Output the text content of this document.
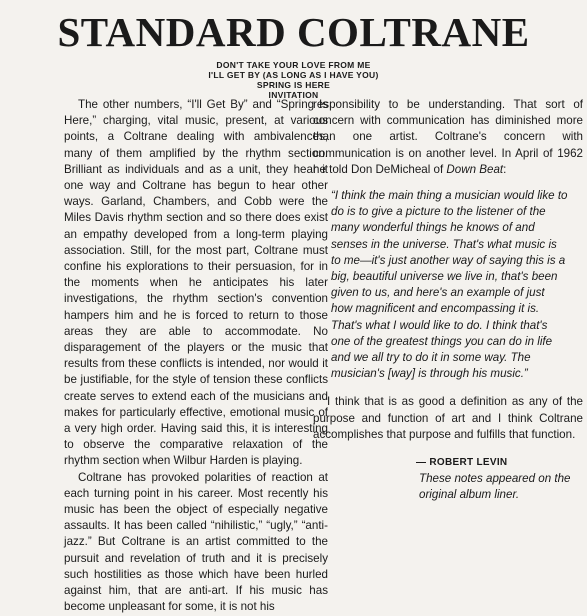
STANDARD COLTRANE
DON'T TAKE YOUR LOVE FROM ME
I'LL GET BY (AS LONG AS I HAVE YOU)
SPRING IS HERE
INVITATION

The other numbers, “I'll Get By” and “Spring Is Here,” charging, vital music, present, at various points, a Coltrane dealing with ambivalences, many of them amplified by the rhythm section. Brilliant as individuals and as a unit, they hear it one way and Coltrane has begun to hear other ways. Garland, Chambers, and Cobb were the Miles Davis rhythm section and so there does exist an empathy developed from a long-term playing association. Still, for the most part, Coltrane must confine his explorations to their persuasion, for in the moments when he anticipates his later investigations, the rhythm section's convention hampers him and he is forced to return to those areas they are able to accommodate. No disparagement of the players or the music that results from these conflicts is intended, nor would it be justifiable, for the style of tension these conflicts create serves to extend each of the musicians and makes for particularly effective, emotional music of a very high order. Having said this, it is interesting to observe the comparative relaxation of the rhythm section when Wilbur Harden is playing.

Coltrane has provoked polarities of reaction at each turning point in his career. Most recently his music has been the object of especially negative assaults. It has been called “nihilistic,” “ugly,” “anti-jazz.” But Coltrane is an artist committed to the pursuit and revelation of truth and it is precisely such hostilities as those which have been hurled against him, that are anti-art. If his music has become unpleasant for some, it is not his

responsibility to be understanding. That sort of concern with communication has diminished more than one artist. Coltrane's concern with communication is on another level. In April of 1962 he told Don DeMicheal of Down Beat:

“I think the main thing a musician would like to do is to give a picture to the listener of the many wonderful things he knows of and senses in the universe. That's what music is to me—it's just another way of saying this is a big, beautiful universe we live in, that's been given to us, and here's an example of just how magnificent and encompassing it is. That's what I would like to do. I think that's one of the greatest things you can do in life and we all try to do it in some way. The musician's [way] is through his music.”

I think that is as good a definition as any of the purpose and function of art and I think Coltrane accomplishes that purpose and fulfills that function.

— ROBERT LEVIN
These notes appeared on the original album liner.
